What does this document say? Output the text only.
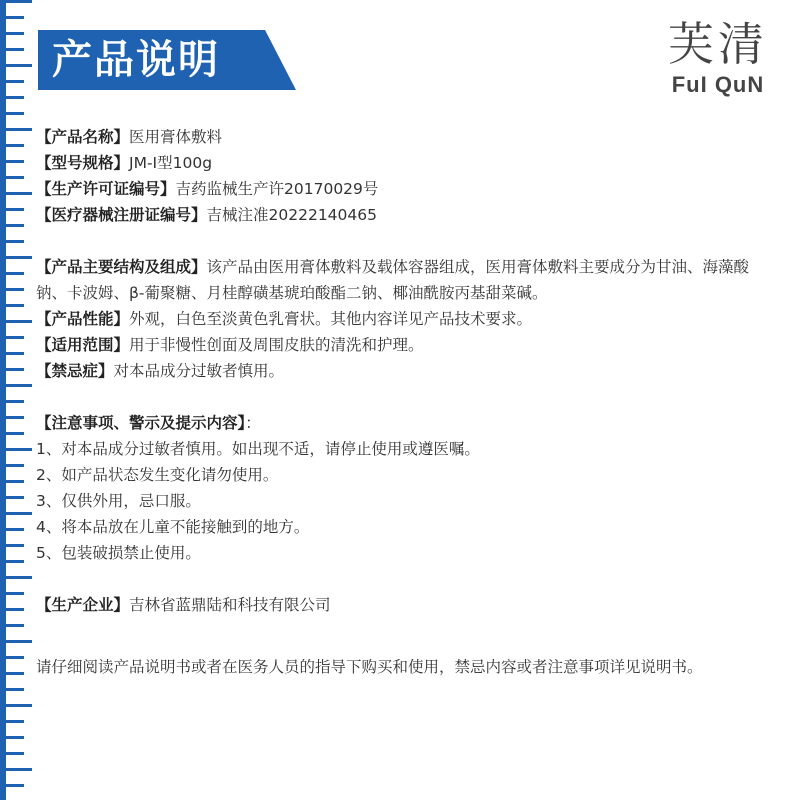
产品说明	芙清
FuI QuN
【产品名称】医用膏体敷料
【型号规格】JM-Ⅰ型100g
【生产许可证编号】吉药监械生产许20170029号
【医疗器械注册证编号】吉械注准20222140465
【产品主要结构及组成】该产品由医用膏体敷料及载体容器组成，医用膏体敷料主要成分为甘油、海藻酸钠、卡波姆、β-葡聚糖、月桂醇磺基琥珀酸酯二钠、椰油酰胺丙基甜菜碱。
【产品性能】外观，白色至淡黄色乳膏状。其他内容详见产品技术要求。
【适用范围】用于非慢性创面及周围皮肤的清洗和护理。
【禁忌症】对本品成分过敏者慎用。
【注意事项、警示及提示内容】：
1、对本品成分过敏者慎用。如出现不适，请停止使用或遵医嘱。
2、如产品状态发生变化请勿使用。
3、仅供外用，忌口服。
4、将本品放在儿童不能接触到的地方。
5、包装破损禁止使用。
【生产企业】吉林省蓝鼎陆和科技有限公司
请仔细阅读产品说明书或者在医务人员的指导下购买和使用，禁忌内容或者注意事项详见说明书。
